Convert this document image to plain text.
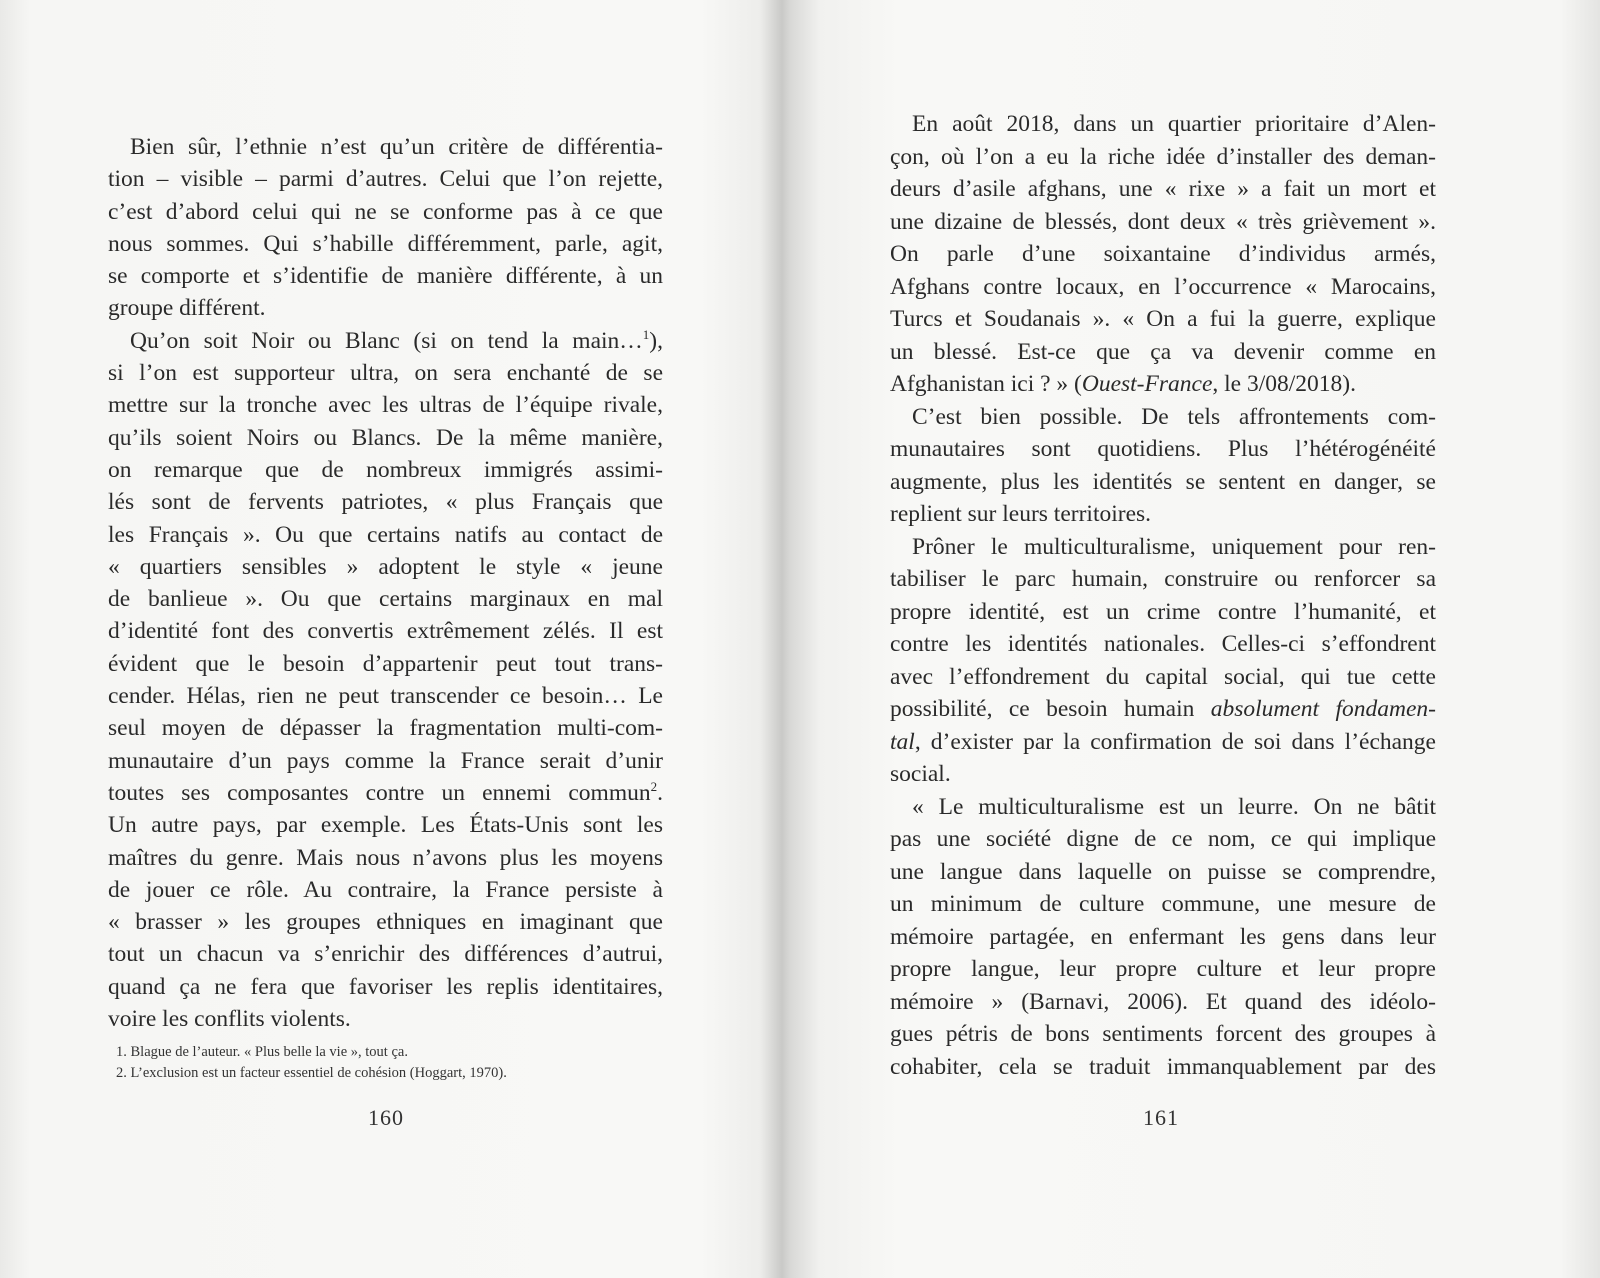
Bien sûr, l’ethnie n’est qu’un critère de différentia-
tion – visible – parmi d’autres. Celui que l’on rejette,
c’est d’abord celui qui ne se conforme pas à ce que
nous sommes. Qui s’habille différemment, parle, agit,
se comporte et s’identifie de manière différente, à un
groupe différent.
Qu’on soit Noir ou Blanc (si on tend la main…$^1$),
si l’on est supporteur ultra, on sera enchanté de se
mettre sur la tronche avec les ultras de l’équipe rivale,
qu’ils soient Noirs ou Blancs. De la même manière,
on remarque que de nombreux immigrés assimi-
lés sont de fervents patriotes, « plus Français que
les Français ». Ou que certains natifs au contact de
« quartiers sensibles » adoptent le style « jeune
de banlieue ». Ou que certains marginaux en mal
d’identité font des convertis extrêmement zélés. Il est
évident que le besoin d’appartenir peut tout trans-
cender. Hélas, rien ne peut transcender ce besoin… Le
seul moyen de dépasser la fragmentation multi-com-
munautaire d’un pays comme la France serait d’unir
toutes ses composantes contre un ennemi commun$^2$.
Un autre pays, par exemple. Les États-Unis sont les
maîtres du genre. Mais nous n’avons plus les moyens
de jouer ce rôle. Au contraire, la France persiste à
« brasser » les groupes ethniques en imaginant que
tout un chacun va s’enrichir des différences d’autrui,
quand ça ne fera que favoriser les replis identitaires,
voire les conflits violents.
1. Blague de l’auteur. « Plus belle la vie », tout ça.
2. L’exclusion est un facteur essentiel de cohésion (Hoggart, 1970).
160
En août 2018, dans un quartier prioritaire d’Alen-
çon, où l’on a eu la riche idée d’installer des deman-
deurs d’asile afghans, une « rixe » a fait un mort et
une dizaine de blessés, dont deux « très grièvement ».
On parle d’une soixantaine d’individus armés,
Afghans contre locaux, en l’occurrence « Marocains,
Turcs et Soudanais ». « On a fui la guerre, explique
un blessé. Est-ce que ça va devenir comme en
Afghanistan ici ? » (Ouest-France, le 3/08/2018).
C’est bien possible. De tels affrontements com-
munautaires sont quotidiens. Plus l’hétérogénéité
augmente, plus les identités se sentent en danger, se
replient sur leurs territoires.
Prôner le multiculturalisme, uniquement pour ren-
tabiliser le parc humain, construire ou renforcer sa
propre identité, est un crime contre l’humanité, et
contre les identités nationales. Celles-ci s’effondrent
avec l’effondrement du capital social, qui tue cette
possibilité, ce besoin humain absolument fondamen-
tal, d’exister par la confirmation de soi dans l’échange
social.
« Le multiculturalisme est un leurre. On ne bâtit
pas une société digne de ce nom, ce qui implique
une langue dans laquelle on puisse se comprendre,
un minimum de culture commune, une mesure de
mémoire partagée, en enfermant les gens dans leur
propre langue, leur propre culture et leur propre
mémoire » (Barnavi, 2006). Et quand des idéolo-
gues pétris de bons sentiments forcent des groupes à
cohabiter, cela se traduit immanquablement par des
161
